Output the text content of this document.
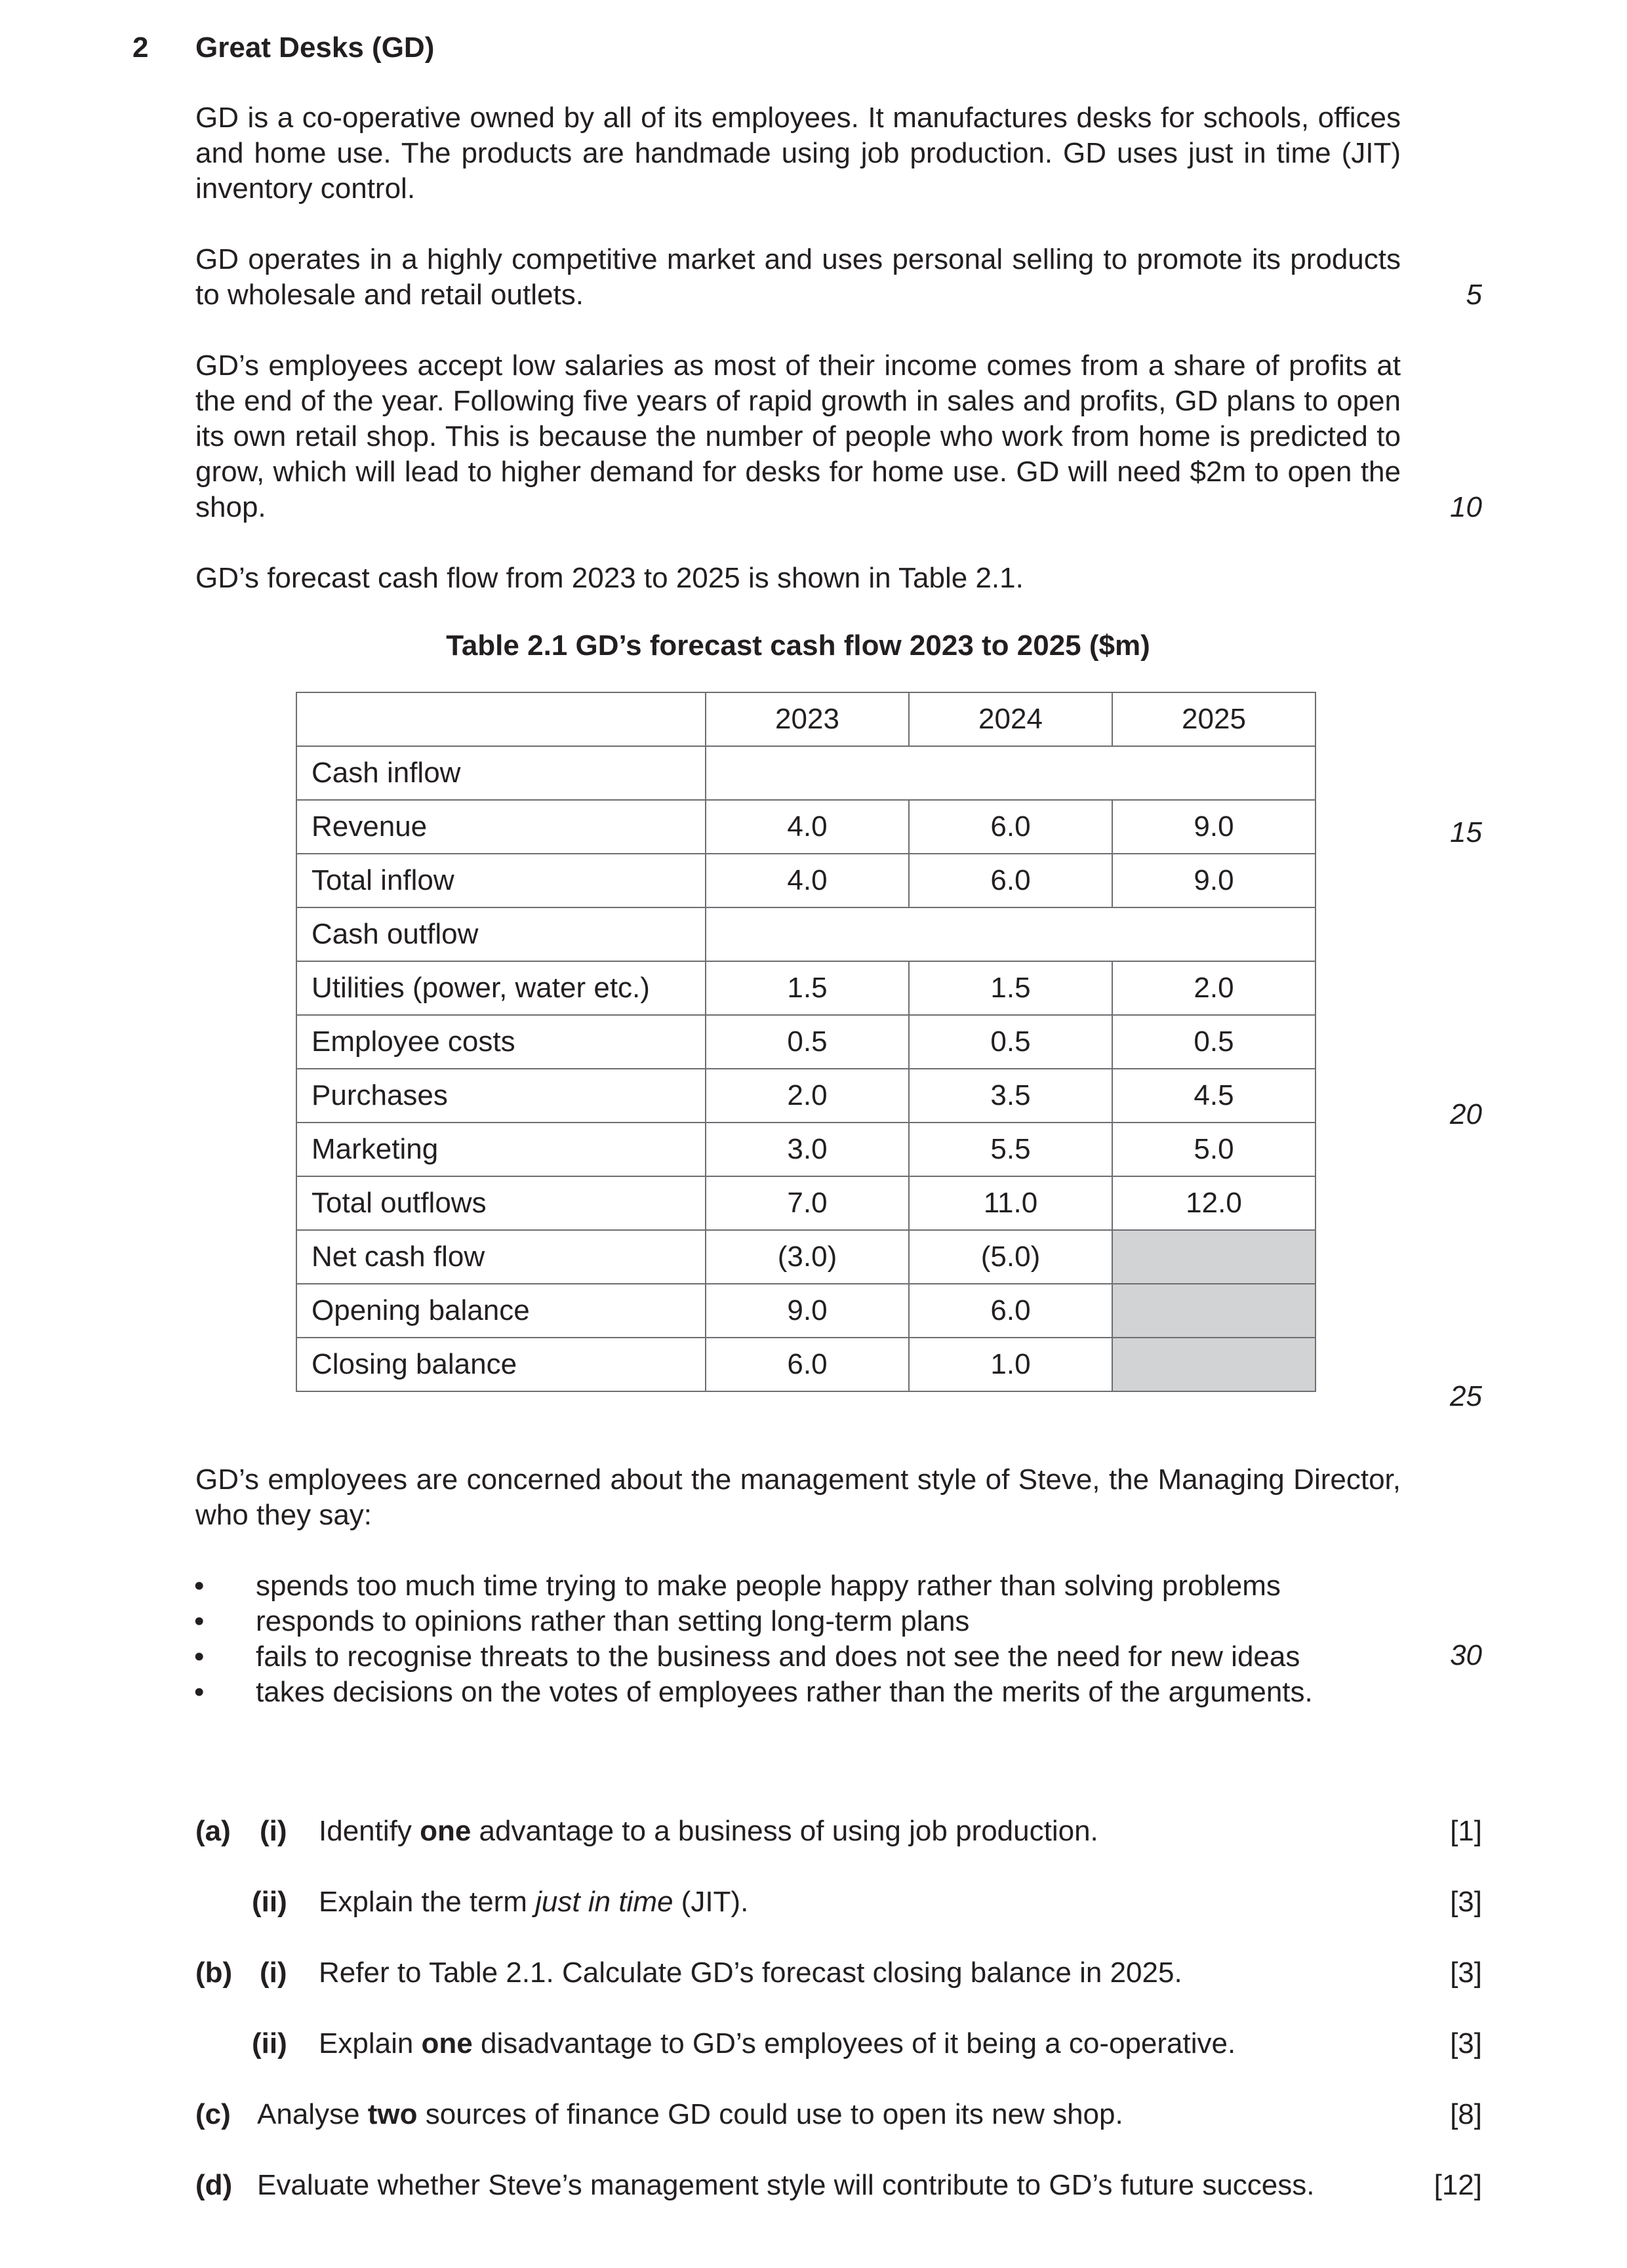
2 Great Desks (GD)
GD is a co-operative owned by all of its employees. It manufactures desks for schools, offices and home use. The products are handmade using job production. GD uses just in time (JIT) inventory control.
GD operates in a highly competitive market and uses personal selling to promote its products to wholesale and retail outlets.
GD’s employees accept low salaries as most of their income comes from a share of profits at the end of the year. Following five years of rapid growth in sales and profits, GD plans to open its own retail shop. This is because the number of people who work from home is predicted to grow, which will lead to higher demand for desks for home use. GD will need $2m to open the shop.
GD’s forecast cash flow from 2023 to 2025 is shown in Table 2.1.
5
10
15
20
25
30
Table 2.1 GD’s forecast cash flow 2023 to 2025 ($m)
	2023	2024	2025
Cash inflow			
Revenue	4.0	6.0	9.0
Total inflow	4.0	6.0	9.0
Cash outflow			
Utilities (power, water etc.)	1.5	1.5	2.0
Employee costs	0.5	0.5	0.5
Purchases	2.0	3.5	4.5
Marketing	3.0	5.5	5.0
Total outflows	7.0	11.0	12.0
Net cash flow	(3.0)	(5.0)	
Opening balance	9.0	6.0	
Closing balance	6.0	1.0	
GD’s employees are concerned about the management style of Steve, the Managing Director, who they say:
• spends too much time trying to make people happy rather than solving problems
• responds to opinions rather than setting long-term plans
• fails to recognise threats to the business and does not see the need for new ideas
• takes decisions on the votes of employees rather than the merits of the arguments.
(a) (i) Identify one advantage to a business of using job production.	[1]
(ii) Explain the term just in time (JIT).	[3]
(b) (i) Refer to Table 2.1. Calculate GD’s forecast closing balance in 2025.	[3]
(ii) Explain one disadvantage to GD’s employees of it being a co-operative.	[3]
(c) Analyse two sources of finance GD could use to open its new shop.	[8]
(d) Evaluate whether Steve’s management style will contribute to GD’s future success.	[12]
